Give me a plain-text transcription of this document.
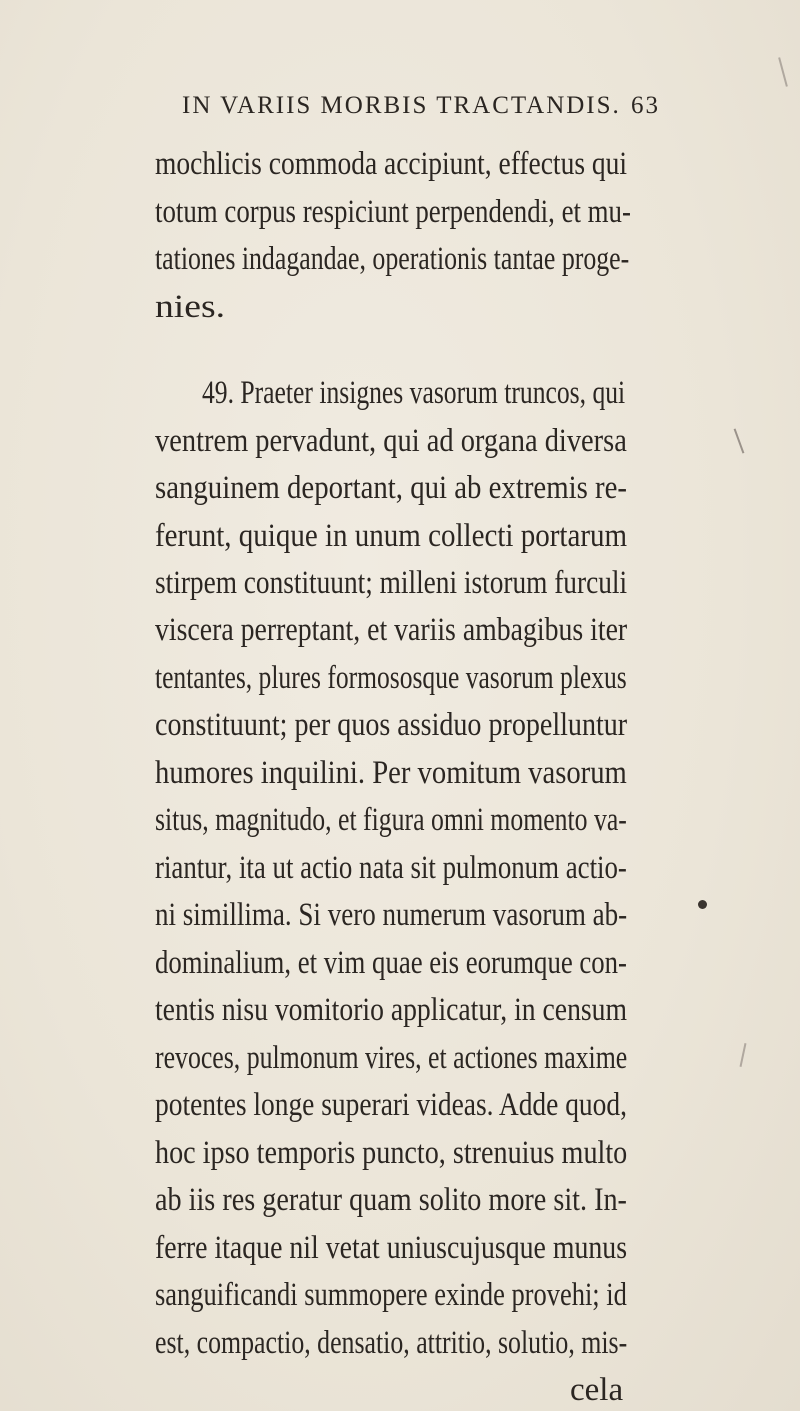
IN VARIIS MORBIS TRACTANDIS. 63
mochlicis commoda accipiunt, effectus qui
totum corpus respiciunt perpendendi, et mu-
tationes indagandae, operationis tantae proge-
nies.
49. Praeter insignes vasorum truncos, qui
ventrem pervadunt, qui ad organa diversa
sanguinem deportant, qui ab extremis re-
ferunt, quique in unum collecti portarum
stirpem constituunt; milleni istorum furculi
viscera perreptant, et variis ambagibus iter
tentantes, plures formososque vasorum plexus
constituunt; per quos assiduo propelluntur
humores inquilini. Per vomitum vasorum
situs, magnitudo, et figura omni momento va-
riantur, ita ut actio nata sit pulmonum actio-
ni simillima. Si vero numerum vasorum ab-
dominalium, et vim quae eis eorumque con-
tentis nisu vomitorio applicatur, in censum
revoces, pulmonum vires, et actiones maxime
potentes longe superari videas. Adde quod,
hoc ipso temporis puncto, strenuius multo
ab iis res geratur quam solito more sit. In-
ferre itaque nil vetat uniuscujusque munus
sanguificandi summopere exinde provehi; id
est, compactio, densatio, attritio, solutio, mis-
cela
